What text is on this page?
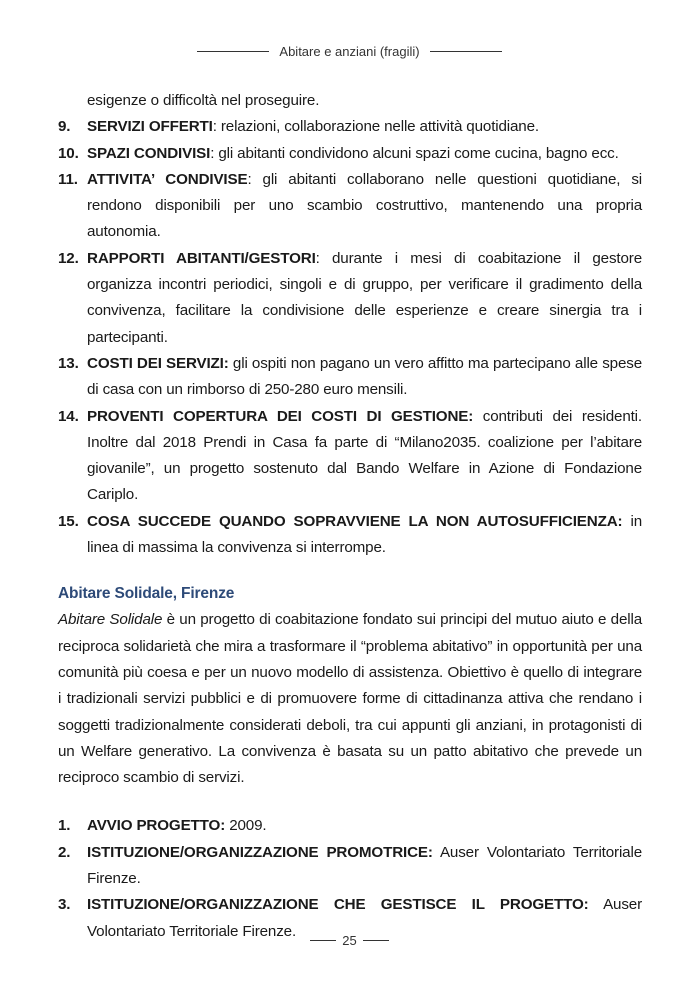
Abitare e anziani (fragili)
esigenze o difficoltà nel proseguire.
9. SERVIZI OFFERTI: relazioni, collaborazione nelle attività quotidiane.
10. SPAZI CONDIVISI: gli abitanti condividono alcuni spazi come cucina, bagno ecc.
11. ATTIVITA’ CONDIVISE: gli abitanti collaborano nelle questioni quotidiane, si rendono disponibili per uno scambio costruttivo, mantenendo una propria autonomia.
12. RAPPORTI ABITANTI/GESTORI: durante i mesi di coabitazione il gestore organizza incontri periodici, singoli e di gruppo, per verificare il gradimento della convivenza, facilitare la condivisione delle esperienze e creare sinergia tra i partecipanti.
13. COSTI DEI SERVIZI: gli ospiti non pagano un vero affitto ma partecipano alle spese di casa con un rimborso di 250-280 euro mensili.
14. PROVENTI COPERTURA DEI COSTI DI GESTIONE: contributi dei residenti. Inoltre dal 2018 Prendi in Casa fa parte di “Milano2035. coalizione per l’abitare giovanile”, un progetto sostenuto dal Bando Welfare in Azione di Fondazione Cariplo.
15. COSA SUCCEDE QUANDO SOPRAVVIENE LA NON AUTOSUFFICIENZA: in linea di massima la convivenza si interrompe.
Abitare Solidale, Firenze

Abitare Solidale è un progetto di coabitazione fondato sui principi del mutuo aiuto e della reciproca solidarietà che mira a trasformare il “problema abitativo” in opportunità per una comunità più coesa e per un nuovo modello di assistenza. Obiettivo è quello di integrare i tradizionali servizi pubblici e di promuovere forme di cittadinanza attiva che rendano i soggetti tradizionalmente considerati deboli, tra cui appunti gli anziani, in protagonisti di un Welfare generativo. La convivenza è basata su un patto abitativo che prevede un reciproco scambio di servizi.

1. AVVIO PROGETTO: 2009.
2. ISTITUZIONE/ORGANIZZAZIONE PROMOTRICE: Auser Volontariato Territoriale Firenze.
3. ISTITUZIONE/ORGANIZZAZIONE CHE GESTISCE IL PROGETTO: Auser Volontariato Territoriale Firenze.
25
